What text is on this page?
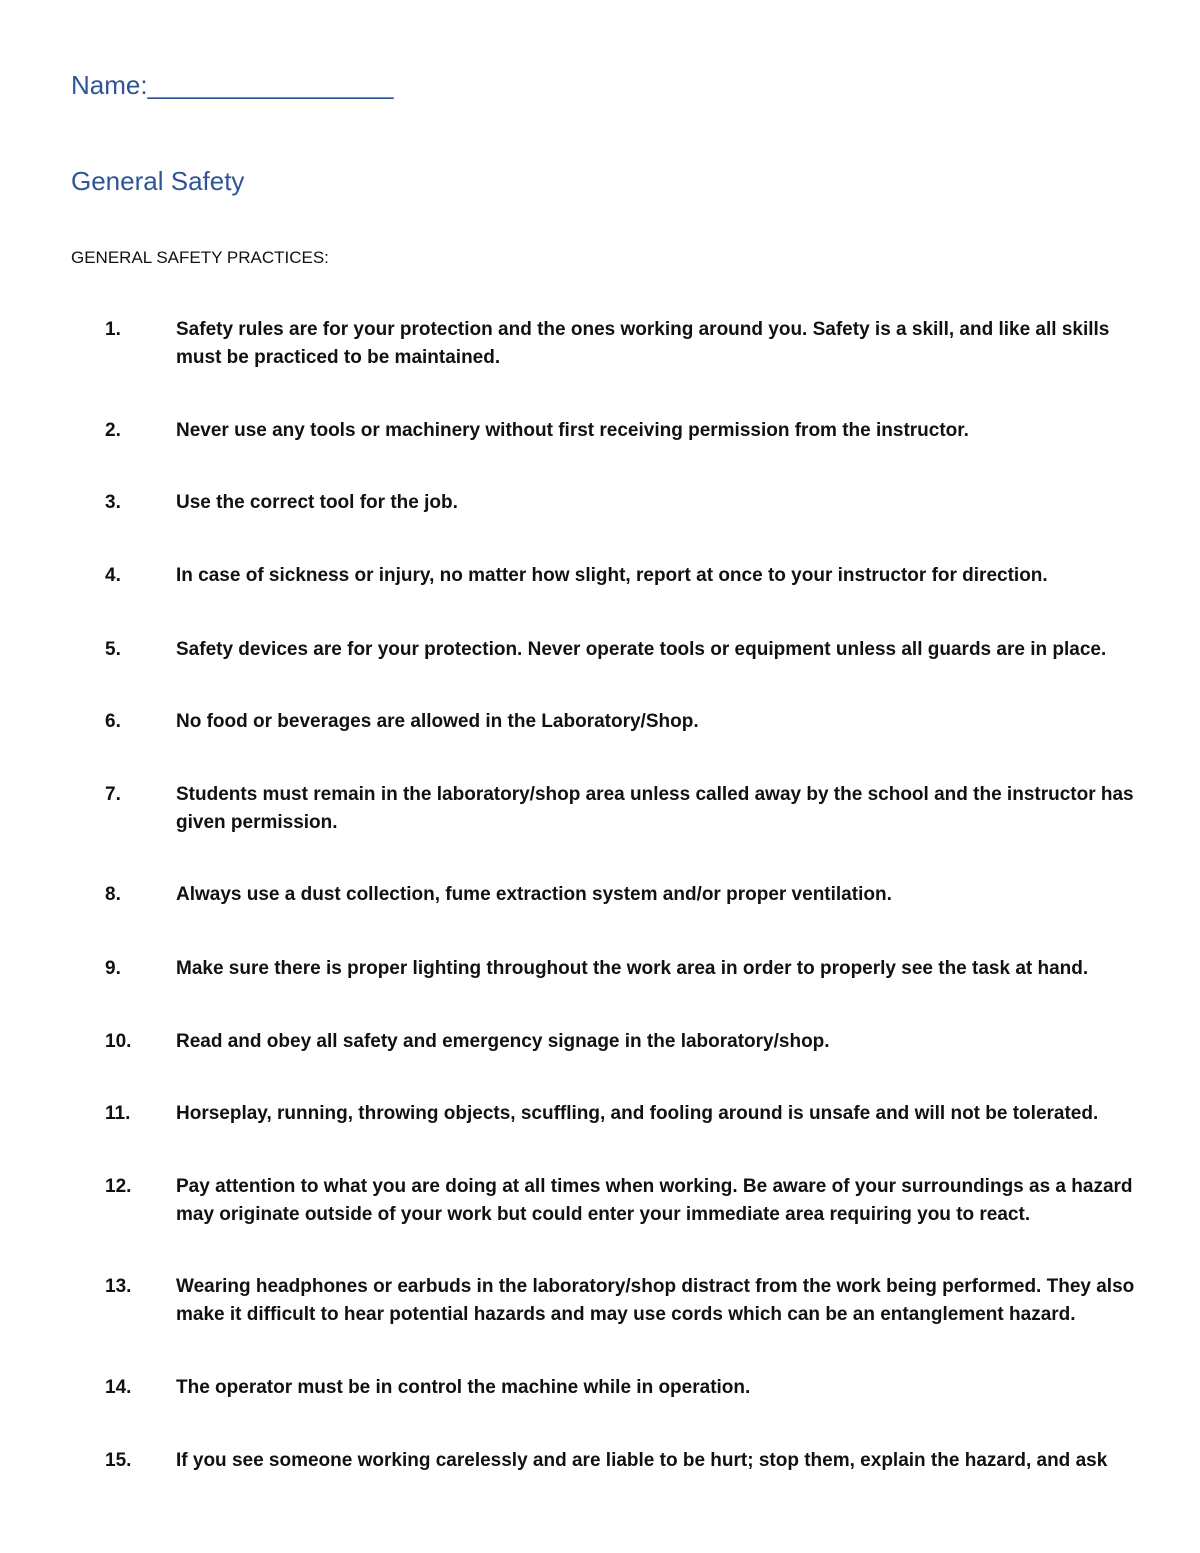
Name:_________________
General Safety
GENERAL SAFETY PRACTICES:
1.	Safety rules are for your protection and the ones working around you. Safety is a skill, and like all skills must be practiced to be maintained.
2.	Never use any tools or machinery without first receiving permission from the instructor.
3.	Use the correct tool for the job.
4.	In case of sickness or injury, no matter how slight, report at once to your instructor for direction.
5.	Safety devices are for your protection. Never operate tools or equipment unless all guards are in place.
6.	No food or beverages are allowed in the Laboratory/Shop.
7.	Students must remain in the laboratory/shop area unless called away by the school and the instructor has given permission.
8.	Always use a dust collection, fume extraction system and/or proper ventilation.
9.	Make sure there is proper lighting throughout the work area in order to properly see the task at hand.
10. Read and obey all safety and emergency signage in the laboratory/shop.
11. Horseplay, running, throwing objects, scuffling, and fooling around is unsafe and will not be tolerated.
12. Pay attention to what you are doing at all times when working. Be aware of your surroundings as a hazard may originate outside of your work but could enter your immediate area requiring you to react.
13. Wearing headphones or earbuds in the laboratory/shop distract from the work being performed. They also make it difficult to hear potential hazards and may use cords which can be an entanglement hazard.
14. The operator must be in control the machine while in operation.
15. If you see someone working carelessly and are liable to be hurt; stop them, explain the hazard, and ask
